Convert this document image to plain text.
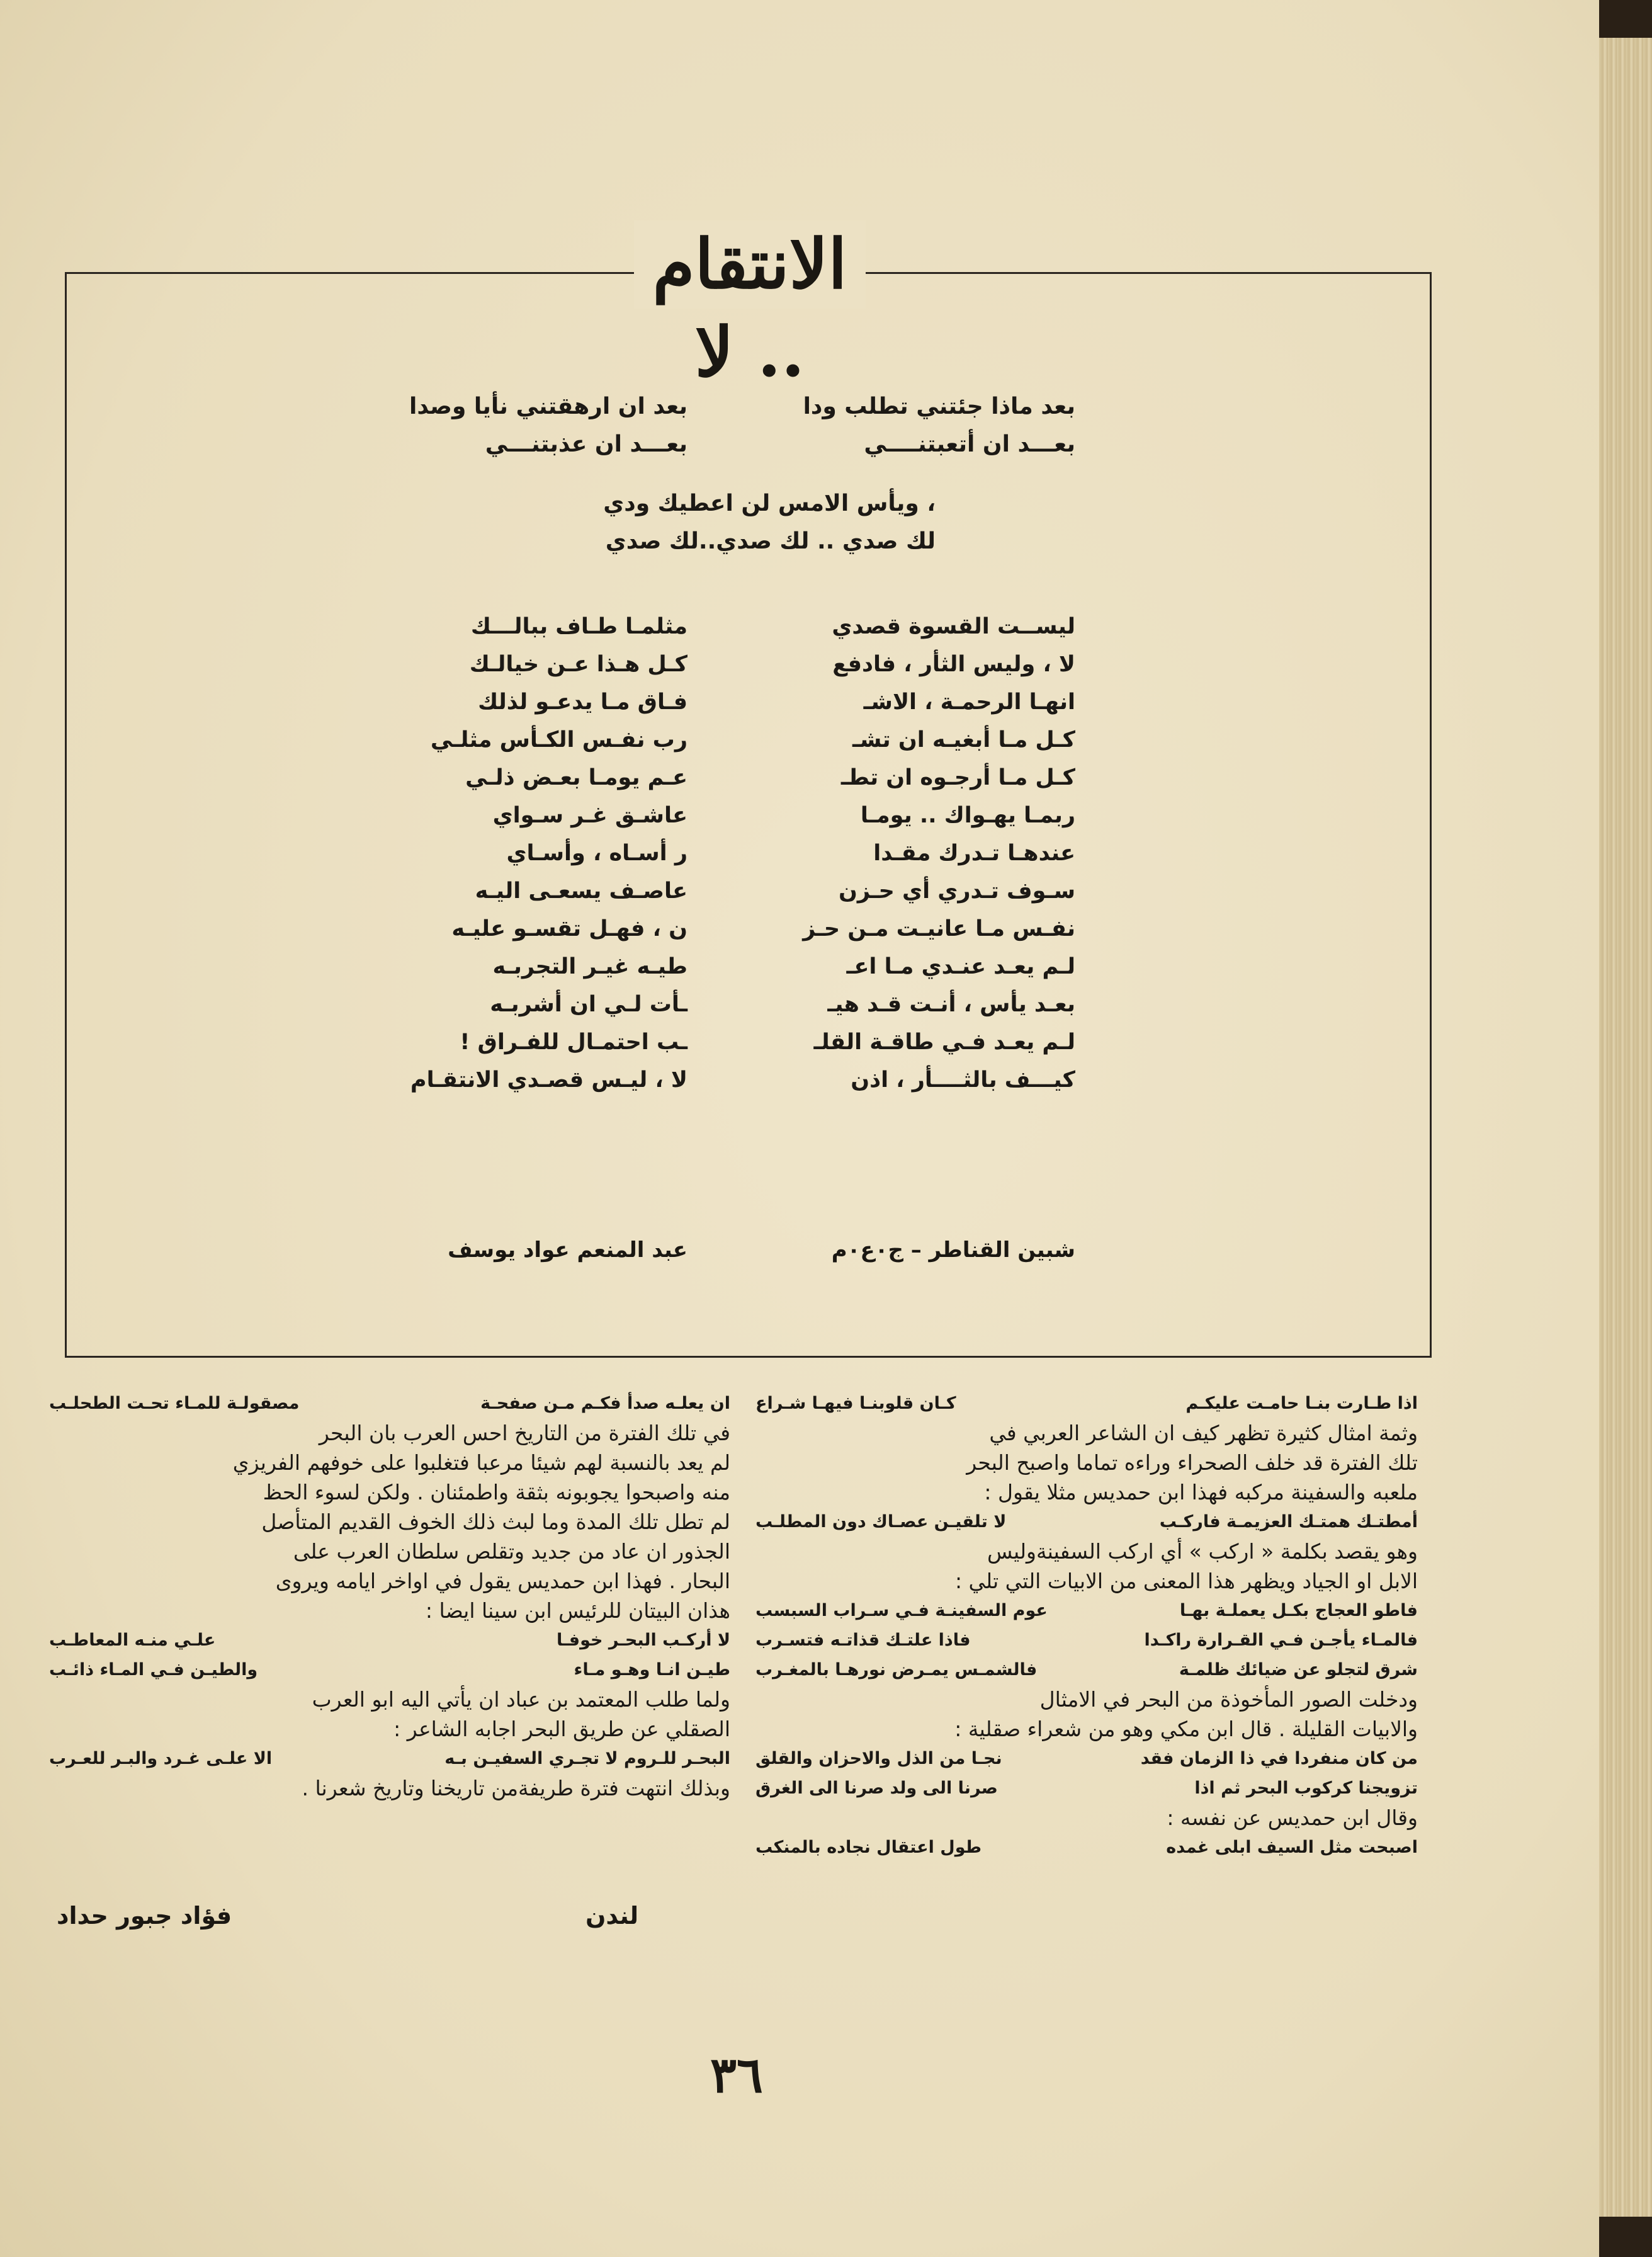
الانتقام .. لا
بعد ماذا جئتني تطلب ودا
بعـــد ان أتعبتنــــي
بعد ان ارهقتني نأيا وصدا
بعـــد ان عذبتنـــي
، ويأس الامس لن اعطيك ودي
لك صدي .. لك صدي..لك صدي
ليســت القسوة قصدي
لا ، وليس الثأر ، فادفع
انهـا الرحمـة ، الاشـ
كـل مـا أبغيـه ان تشـ
كـل مـا أرجـوه ان تطـ
ربمـا يهـواك .. يومـا
عندهـا تـدرك مقـدا
سـوف تـدري أي حـزن
نفـس مـا عانيـت مـن حـز
لـم يعـد عنـدي مـا اعـ
بعـد يأس ، أنـت قـد هيـ
لـم يعـد فـي طاقـة القلـ
كيـــف بالثــــأر ، اذن
مثلمـا طـاف ببالـــك
كـل هـذا عـن خيالـك
فـاق مـا يدعـو لذلك
رب نفـس الكـأس مثلـي
عـم يومـا بعـض ذلـي
عاشـق غـر سـواي
ر أسـاه ، وأسـاي
عاصـف يسعـى اليـه
ن ، فهـل تقسـو عليـه
طيـه غيـر التجربـه
ـأت لـي ان أشربـه
ـب احتمـال للفـراق !
لا ، ليـس قصـدي الانتقـام
شبين القناطر – ج٠ع٠م
عبد المنعم عواد يوسف
اذا طـارت بنـا حامـت عليكـم
كـان قلوبنـا فيهـا شـراع
وثمة امثال كثيرة تظهر كيف ان الشاعر العربي في
تلك الفترة قد خلف الصحراء وراءه تماما واصبح البحر
ملعبه والسفينة مركبه فهذا ابن حمديس مثلا يقول :
أمطتـك همتـك العزيمـة فاركـب
لا تلقيـن عصـاك دون المطلـب
وهو يقصد بكلمة « اركب » أي اركب السفينةوليس
الابل او الجياد ويظهر هذا المعنى من الابيات التي تلي :
فاطو العجاج بكـل يعملـة بهـا
عوم السفينـة فـي سـراب السبسب
فالمـاء يأجـن فـي القـرارة راكـدا
فاذا علتـك قذاتـه فتسـرب
شرق لتجلو عن ضيائك ظلمـة
فالشمـس يمـرض نورهـا بالمغـرب
ودخلت الصور المأخوذة من البحر في الامثال
والابيات القليلة . قال ابن مكي وهو من شعراء صقلية :
من كان منفردا في ذا الزمان فقد
نجـا من الذل والاحزان والقلق
تزويجنا كركوب البحر ثم اذا
صرنا الى ولد صرنا الى الغرق
وقال ابن حمديس عن نفسه :
اصبحت مثل السيف ابلى غمده
طول اعتقال نجاده بالمنكب
ان يعلـه صدأ فكـم مـن صفحـة
مصقولـة للمـاء تحـت الطحلـب
في تلك الفترة من التاريخ احس العرب بان البحر
لم يعد بالنسبة لهم شيئا مرعبا فتغلبوا على خوفهم الفريزي
منه واصبحوا يجوبونه بثقة واطمئنان . ولكن لسوء الحظ
لم تطل تلك المدة وما لبث ذلك الخوف القديم المتأصل
الجذور ان عاد من جديد وتقلص سلطان العرب على
البحار . فهذا ابن حمديس يقول في اواخر ايامه ويروى
هذان البيتان للرئيس ابن سينا ايضا :
لا أركـب البحـر خوفـا
علـي منـه المعاطـب
طيـن انـا وهـو مـاء
والطيـن فـي المـاء ذائـب
ولما طلب المعتمد بن عباد ان يأتي اليه ابو العرب
الصقلي عن طريق البحر اجابه الشاعر :
البحـر للـروم لا تجـري السفيـن بـه
الا علـى غـرد والبـر للعـرب
وبذلك انتهت فترة طريفةمن تاريخنا وتاريخ شعرنا .
لندن
فؤاد جبور حداد
٣٦
